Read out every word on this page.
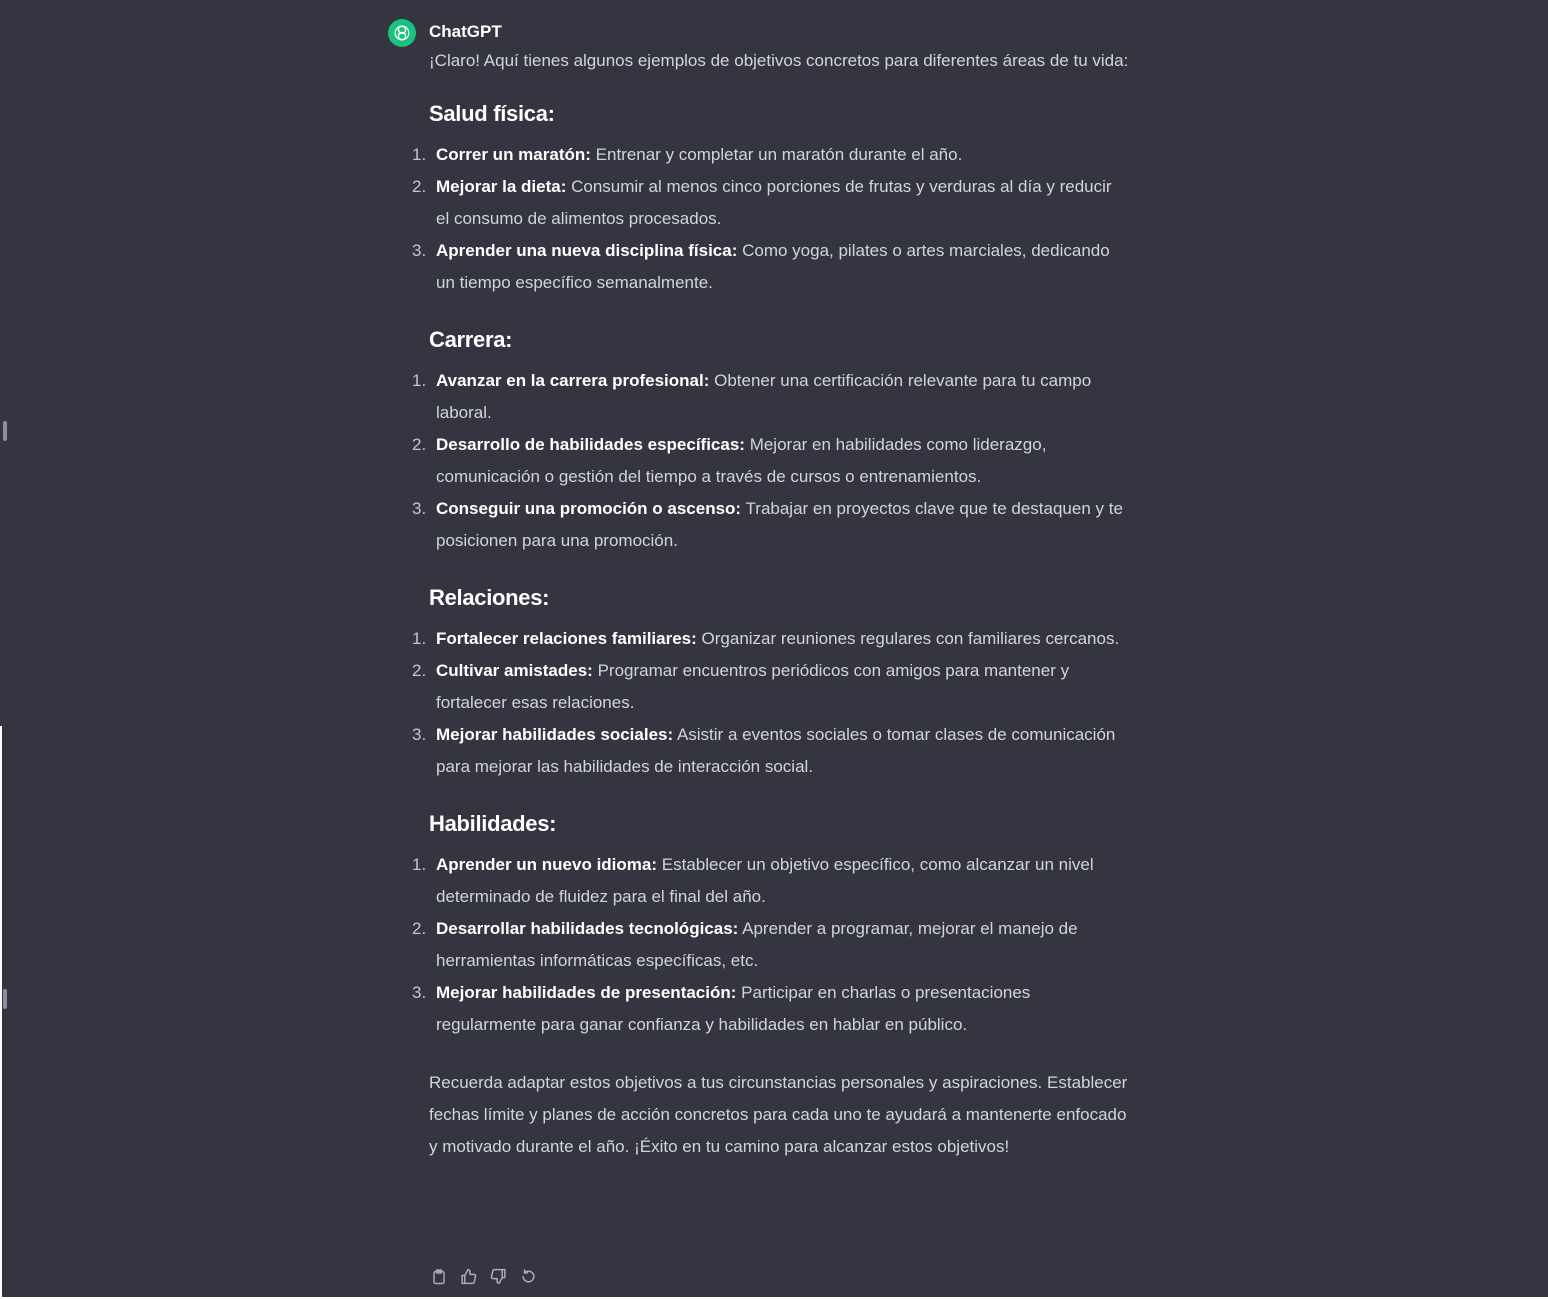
ChatGPT

¡Claro! Aquí tienes algunos ejemplos de objetivos concretos para diferentes áreas de tu vida:

Salud física:
1. Correr un maratón: Entrenar y completar un maratón durante el año.
2. Mejorar la dieta: Consumir al menos cinco porciones de frutas y verduras al día y reducir el consumo de alimentos procesados.
3. Aprender una nueva disciplina física: Como yoga, pilates o artes marciales, dedicando un tiempo específico semanalmente.
Carrera:
1. Avanzar en la carrera profesional: Obtener una certificación relevante para tu campo laboral.
2. Desarrollo de habilidades específicas: Mejorar en habilidades como liderazgo, comunicación o gestión del tiempo a través de cursos o entrenamientos.
3. Conseguir una promoción o ascenso: Trabajar en proyectos clave que te destaquen y te posicionen para una promoción.
Relaciones:
1. Fortalecer relaciones familiares: Organizar reuniones regulares con familiares cercanos.
2. Cultivar amistades: Programar encuentros periódicos con amigos para mantener y fortalecer esas relaciones.
3. Mejorar habilidades sociales: Asistir a eventos sociales o tomar clases de comunicación para mejorar las habilidades de interacción social.
Habilidades:
1. Aprender un nuevo idioma: Establecer un objetivo específico, como alcanzar un nivel determinado de fluidez para el final del año.
2. Desarrollar habilidades tecnológicas: Aprender a programar, mejorar el manejo de herramientas informáticas específicas, etc.
3. Mejorar habilidades de presentación: Participar en charlas o presentaciones regularmente para ganar confianza y habilidades en hablar en público.

Recuerda adaptar estos objetivos a tus circunstancias personales y aspiraciones. Establecer fechas límite y planes de acción concretos para cada uno te ayudará a mantenerte enfocado y motivado durante el año. ¡Éxito en tu camino para alcanzar estos objetivos!
